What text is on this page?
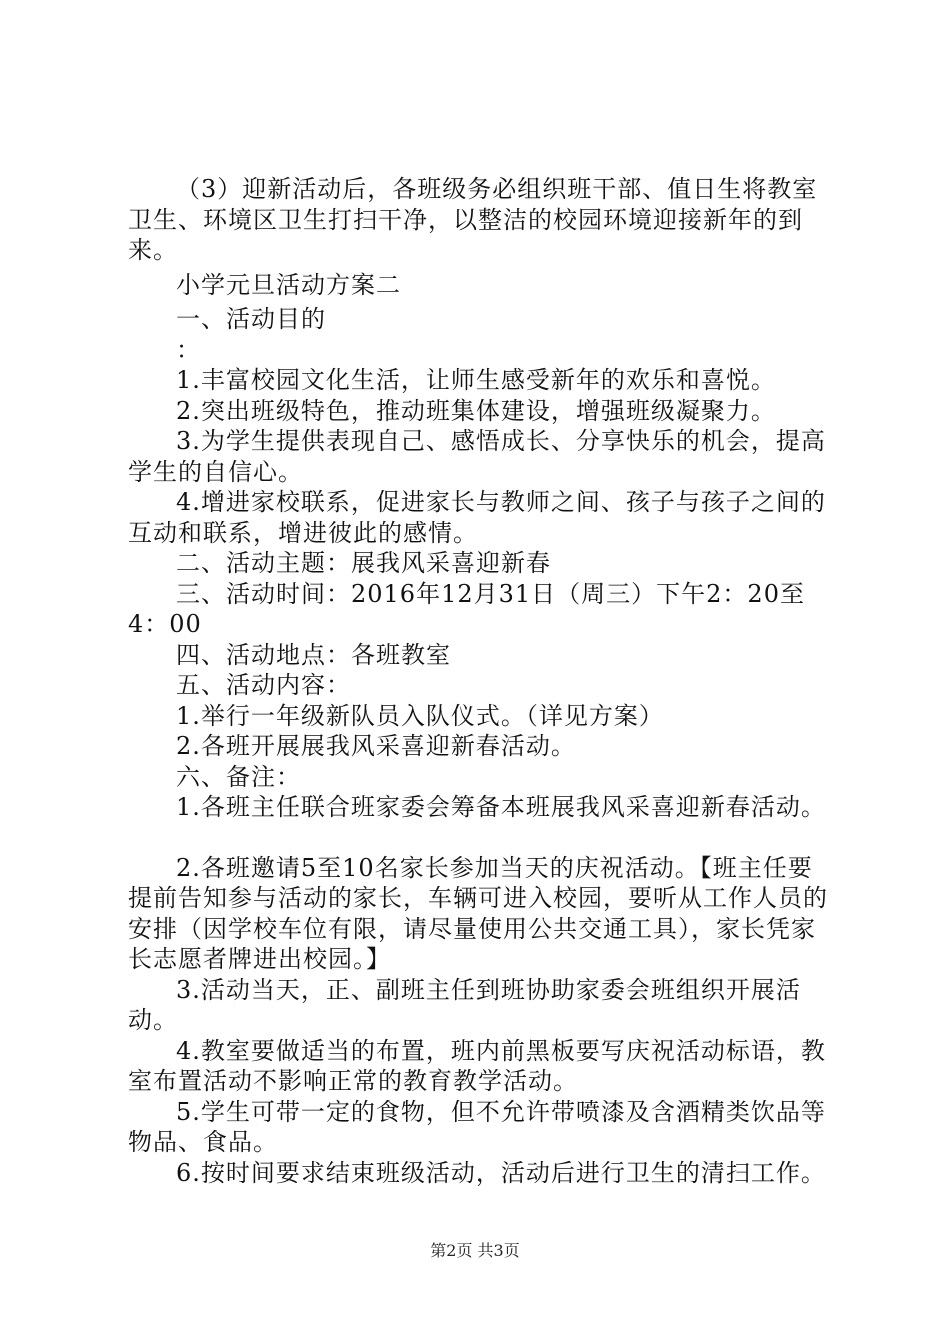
（3）迎新活动后，各班级务必组织班干部、值日生将教室卫生、环境区卫生打扫干净，以整洁的校园环境迎接新年的到来。

小学元旦活动方案二

一、活动目的

：

1.丰富校园文化生活，让师生感受新年的欢乐和喜悦。

2.突出班级特色，推动班集体建设，增强班级凝聚力。

3.为学生提供表现自己、感悟成长、分享快乐的机会，提高学生的自信心。

4.增进家校联系，促进家长与教师之间、孩子与孩子之间的互动和联系，增进彼此的感情。

二、活动主题：展我风采喜迎新春

三、活动时间：2016年12月31日（周三）下午2：20至4：00

四、活动地点：各班教室

五、活动内容：

1.举行一年级新队员入队仪式。（详见方案）

2.各班开展展我风采喜迎新春活动。

六、备注：

1.各班主任联合班家委会筹备本班展我风采喜迎新春活动。

2.各班邀请5至10名家长参加当天的庆祝活动。【班主任要提前告知参与活动的家长，车辆可进入校园，要听从工作人员的安排（因学校车位有限，请尽量使用公共交通工具），家长凭家长志愿者牌进出校园。】

3.活动当天，正、副班主任到班协助家委会班组织开展活动。

4.教室要做适当的布置，班内前黑板要写庆祝活动标语，教室布置活动不影响正常的教育教学活动。

5.学生可带一定的食物，但不允许带喷漆及含酒精类饮品等物品、食品。

6.按时间要求结束班级活动，活动后进行卫生的清扫工作。

第2页 共3页
